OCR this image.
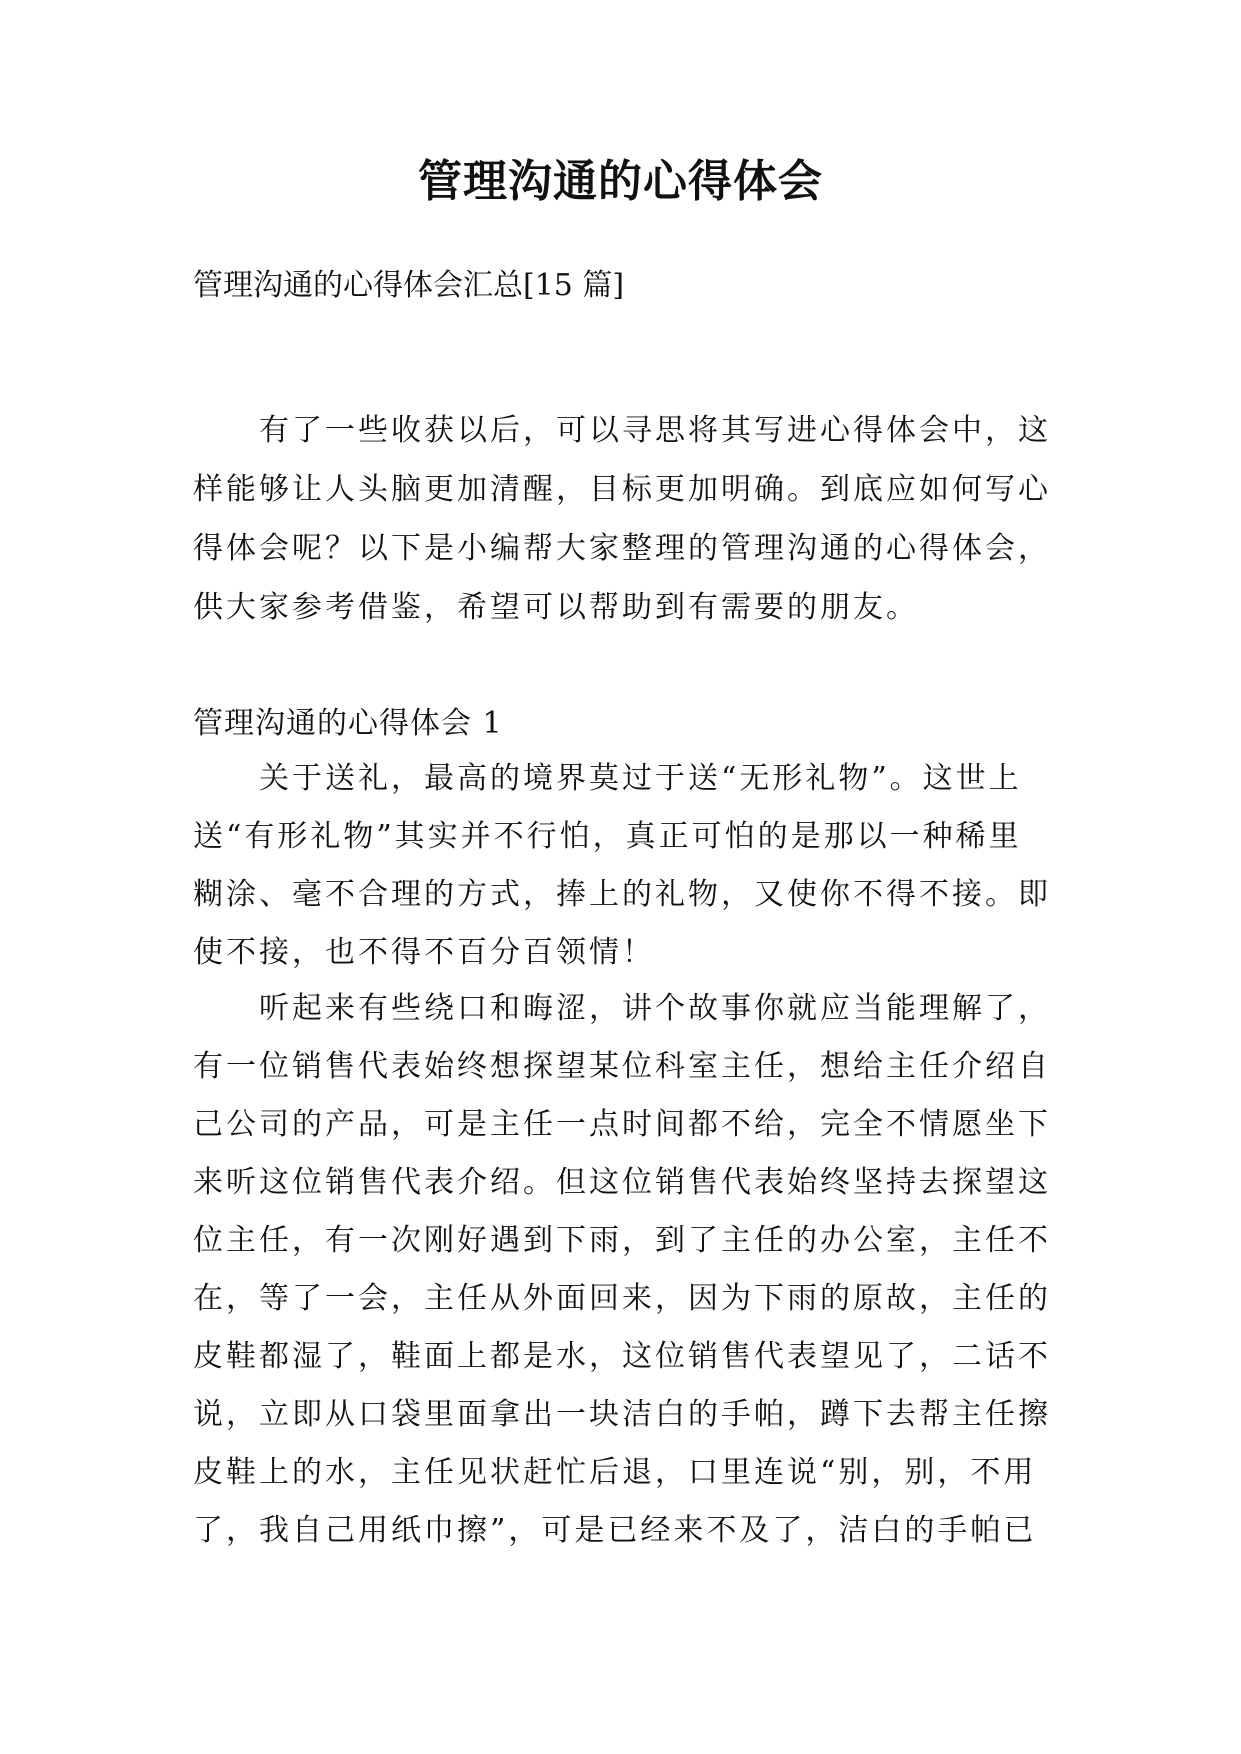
管理沟通的心得体会
管理沟通的心得体会汇总[15 篇]
　　有了一些收获以后，可以寻思将其写进心得体会中，这
样能够让人头脑更加清醒，目标更加明确。到底应如何写心
得体会呢？以下是小编帮大家整理的管理沟通的心得体会，
供大家参考借鉴，希望可以帮助到有需要的朋友。
管理沟通的心得体会 1
　　关于送礼，最高的境界莫过于送“无形礼物”。这世上
送“有形礼物”其实并不行怕，真正可怕的是那以一种稀里
糊涂、毫不合理的方式，捧上的礼物，又使你不得不接。即
使不接，也不得不百分百领情！
　　听起来有些绕口和晦涩，讲个故事你就应当能理解了，
有一位销售代表始终想探望某位科室主任，想给主任介绍自
己公司的产品，可是主任一点时间都不给，完全不情愿坐下
来听这位销售代表介绍。但这位销售代表始终坚持去探望这
位主任，有一次刚好遇到下雨，到了主任的办公室，主任不
在，等了一会，主任从外面回来，因为下雨的原故，主任的
皮鞋都湿了，鞋面上都是水，这位销售代表望见了，二话不
说，立即从口袋里面拿出一块洁白的手帕，蹲下去帮主任擦
皮鞋上的水，主任见状赶忙后退，口里连说“别，别，不用
了，我自己用纸巾擦”，可是已经来不及了，洁白的手帕已
